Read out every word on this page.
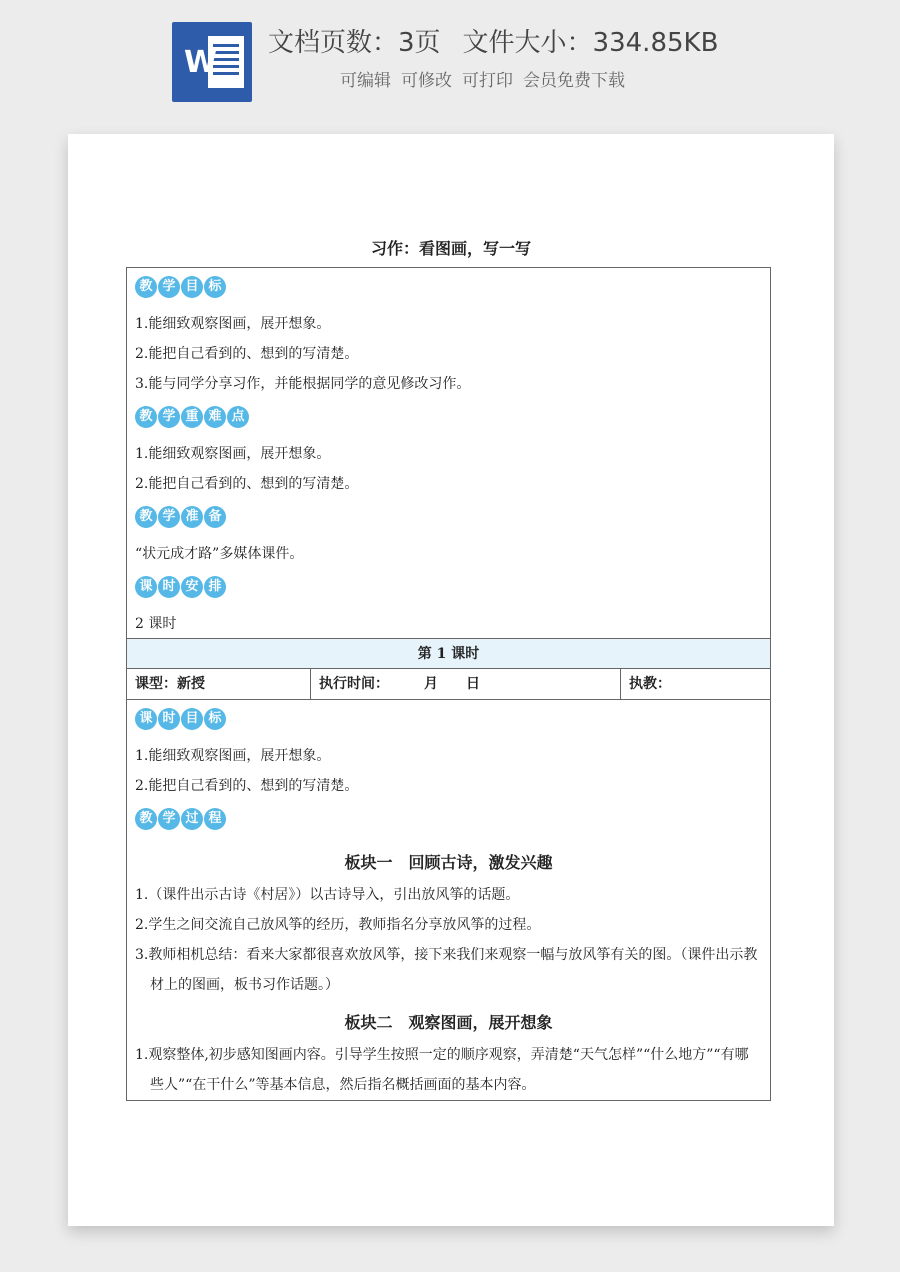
W
文档页数：3页 文件大小：334.85KB
可编辑 可修改 可打印 会员免费下载
习作：看图画，写一写
教 学 目 标
1.能细致观察图画，展开想象。
2.能把自己看到的、想到的写清楚。
3.能与同学分享习作，并能根据同学的意见修改习作。
教 学 重 难 点
1.能细致观察图画，展开想象。
2.能把自己看到的、想到的写清楚。
教 学 准 备
“状元成才路”多媒体课件。
课 时 安 排
2 课时
第 1 课时
课型：新授	执行时间：　　　月　　日	执教：
课 时 目 标
1.能细致观察图画，展开想象。
2.能把自己看到的、想到的写清楚。
教 学 过 程
板块一　回顾古诗，激发兴趣
1.（课件出示古诗《村居》）以古诗导入，引出放风筝的话题。
2.学生之间交流自己放风筝的经历，教师指名分享放风筝的过程。
3.教师相机总结：看来大家都很喜欢放风筝，接下来我们来观察一幅与放风筝有关的图。（课件出示教材上的图画，板书习作话题。）
板块二　观察图画，展开想象
1.观察整体,初步感知图画内容。引导学生按照一定的顺序观察，弄清楚“天气怎样”“什么地方”“有哪些人”“在干什么”等基本信息，然后指名概括画面的基本内容。
